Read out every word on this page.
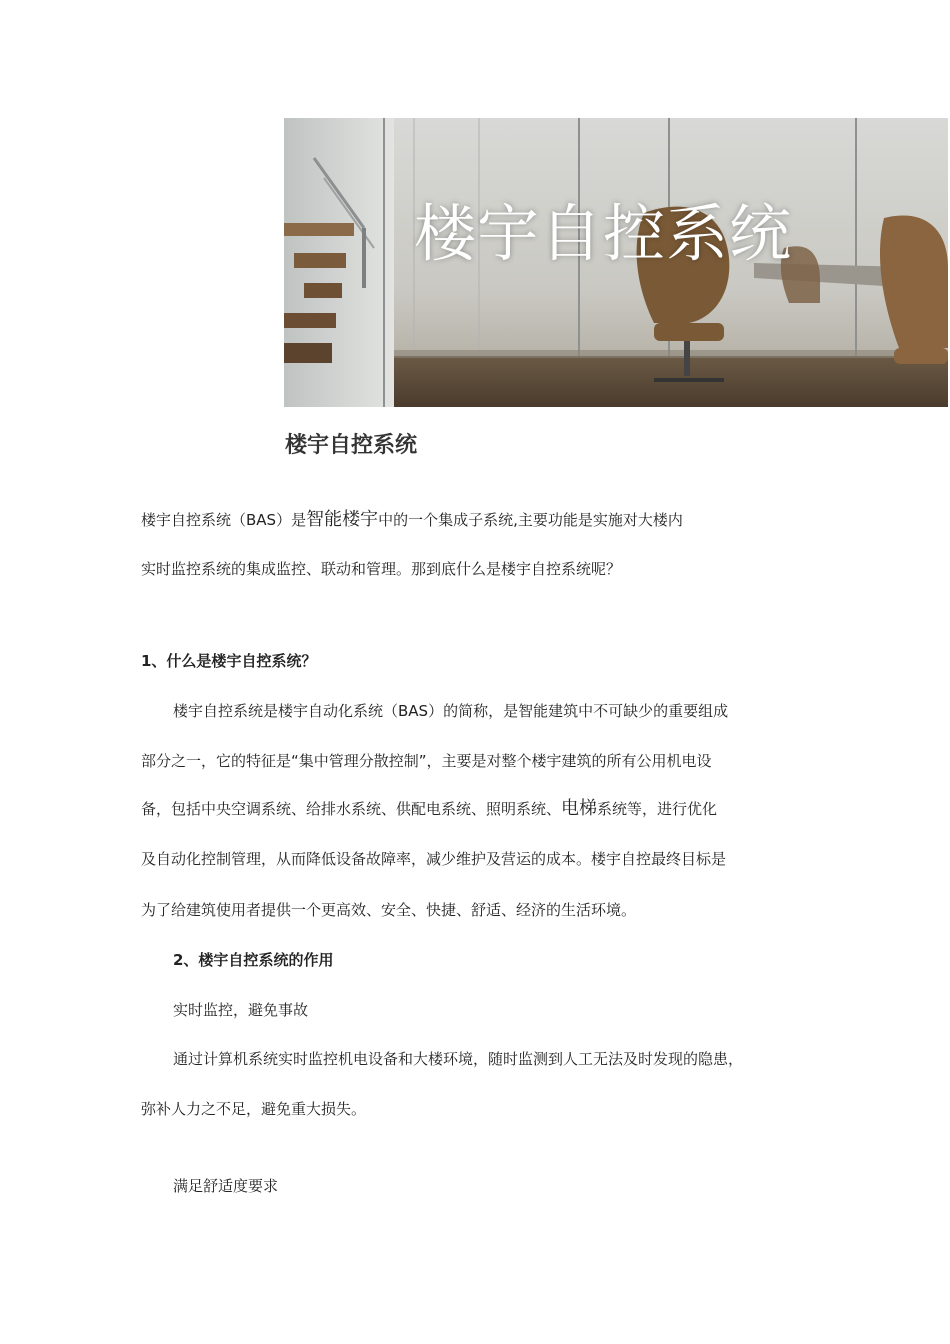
楼宇自控系统
楼宇自控系统
楼宇自控系统（BAS）是智能楼宇中的一个集成子系统,主要功能是实施对大楼内
实时监控系统的集成监控、联动和管理。那到底什么是楼宇自控系统呢？
1、什么是楼宇自控系统？
楼宇自控系统是楼宇自动化系统（BAS）的简称，是智能建筑中不可缺少的重要组成
部分之一，它的特征是“集中管理分散控制”，主要是对整个楼宇建筑的所有公用机电设
备，包括中央空调系统、给排水系统、供配电系统、照明系统、电梯系统等，进行优化
及自动化控制管理，从而降低设备故障率，减少维护及营运的成本。楼宇自控最终目标是
为了给建筑使用者提供一个更高效、安全、快捷、舒适、经济的生活环境。
2、楼宇自控系统的作用
实时监控，避免事故
通过计算机系统实时监控机电设备和大楼环境，随时监测到人工无法及时发现的隐患，
弥补人力之不足，避免重大损失。
满足舒适度要求
